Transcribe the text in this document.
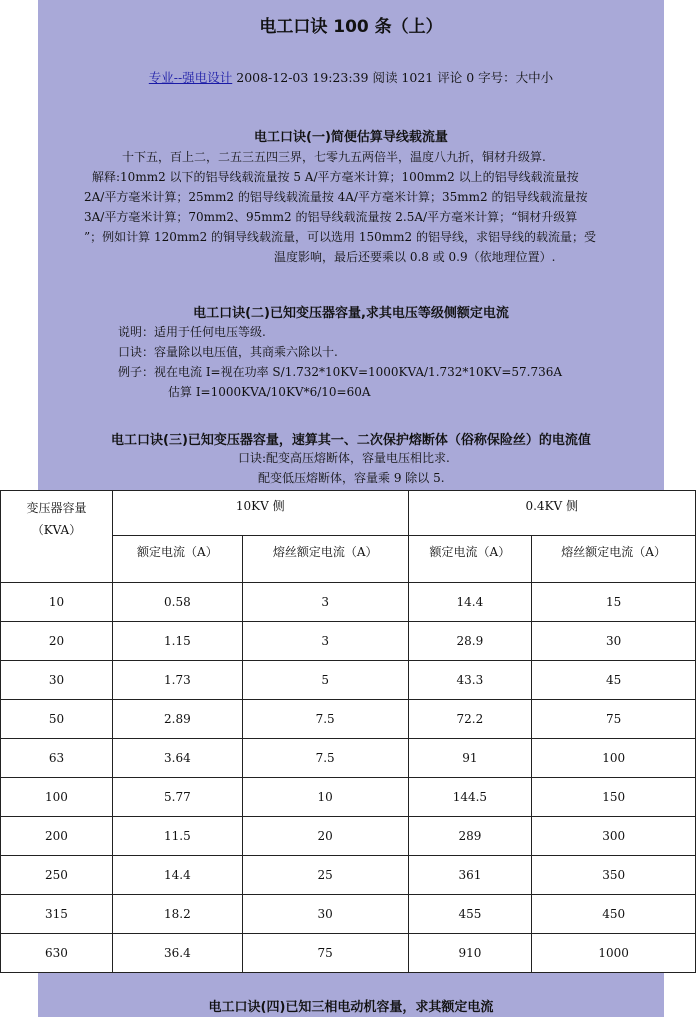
电工口诀 100 条（上）
专业--强电设计 2008-12-03 19:23:39 阅读 1021 评论 0 字号：大中小
电工口诀(一)简便估算导线载流量
十下五，百上二，二五三五四三界，七零九五两倍半，温度八九折，铜材升级算.
解释:10mm2 以下的铝导线载流量按 5 A/平方毫米计算；100mm2 以上的铝导线载流量按
2A/平方毫米计算；25mm2 的铝导线载流量按 4A/平方毫米计算；35mm2 的铝导线载流量按
3A/平方毫米计算；70mm2、95mm2 的铝导线载流量按 2.5A/平方毫米计算；“铜材升级算
”；例如计算 120mm2 的铜导线载流量，可以选用 150mm2 的铝导线，求铝导线的载流量；受
温度影响，最后还要乘以 0.8 或 0.9（依地理位置）.
电工口诀(二)已知变压器容量,求其电压等级侧额定电流
说明：适用于任何电压等级.
口诀：容量除以电压值，其商乘六除以十.
例子：视在电流 I=视在功率 S/1.732*10KV=1000KVA/1.732*10KV=57.736A
估算 I=1000KVA/10KV*6/10=60A
电工口诀(三)已知变压器容量，速算其一、二次保护熔断体（俗称保险丝）的电流值
口诀:配变高压熔断体，容量电压相比求.
配变低压熔断体，容量乘 9 除以 5.
电工口诀(四)已知三相电动机容量，求其额定电流
变压器容量（KVA）	10KV 侧		0.4KV 侧	
	额定电流（A）	熔丝额定电流（A）	额定电流（A）	熔丝额定电流（A）
10	0.58	3	14.4	15
20	1.15	3	28.9	30
30	1.73	5	43.3	45
50	2.89	7.5	72.2	75
63	3.64	7.5	91	100
100	5.77	10	144.5	150
200	11.5	20	289	300
250	14.4	25	361	350
315	18.2	30	455	450
630	36.4	75	910	1000
